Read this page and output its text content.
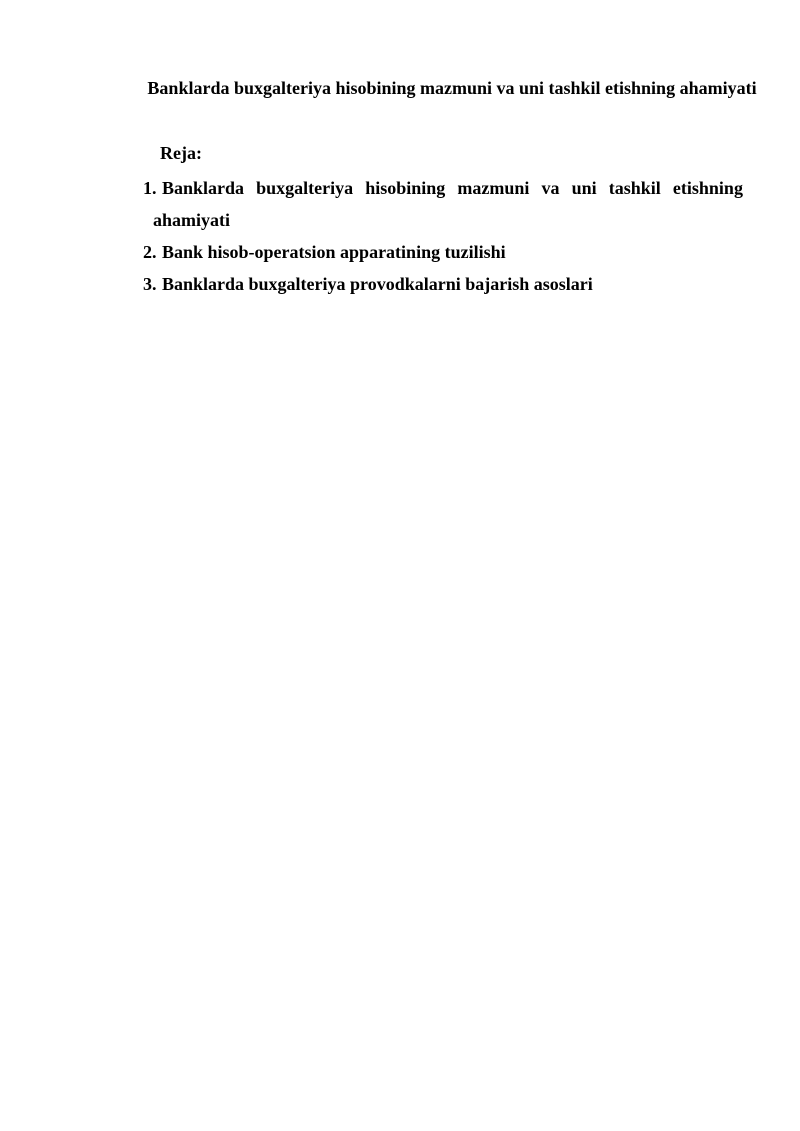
Banklarda buxgalteriya hisobining mazmuni va uni tashkil etishning ahamiyati
Reja:
1. Banklarda buxgalteriya hisobining mazmuni va uni tashkil etishning
ahamiyati
2. Bank hisob-operatsion apparatining tuzilishi
3. Banklarda buxgalteriya provodkalarni bajarish asoslari
